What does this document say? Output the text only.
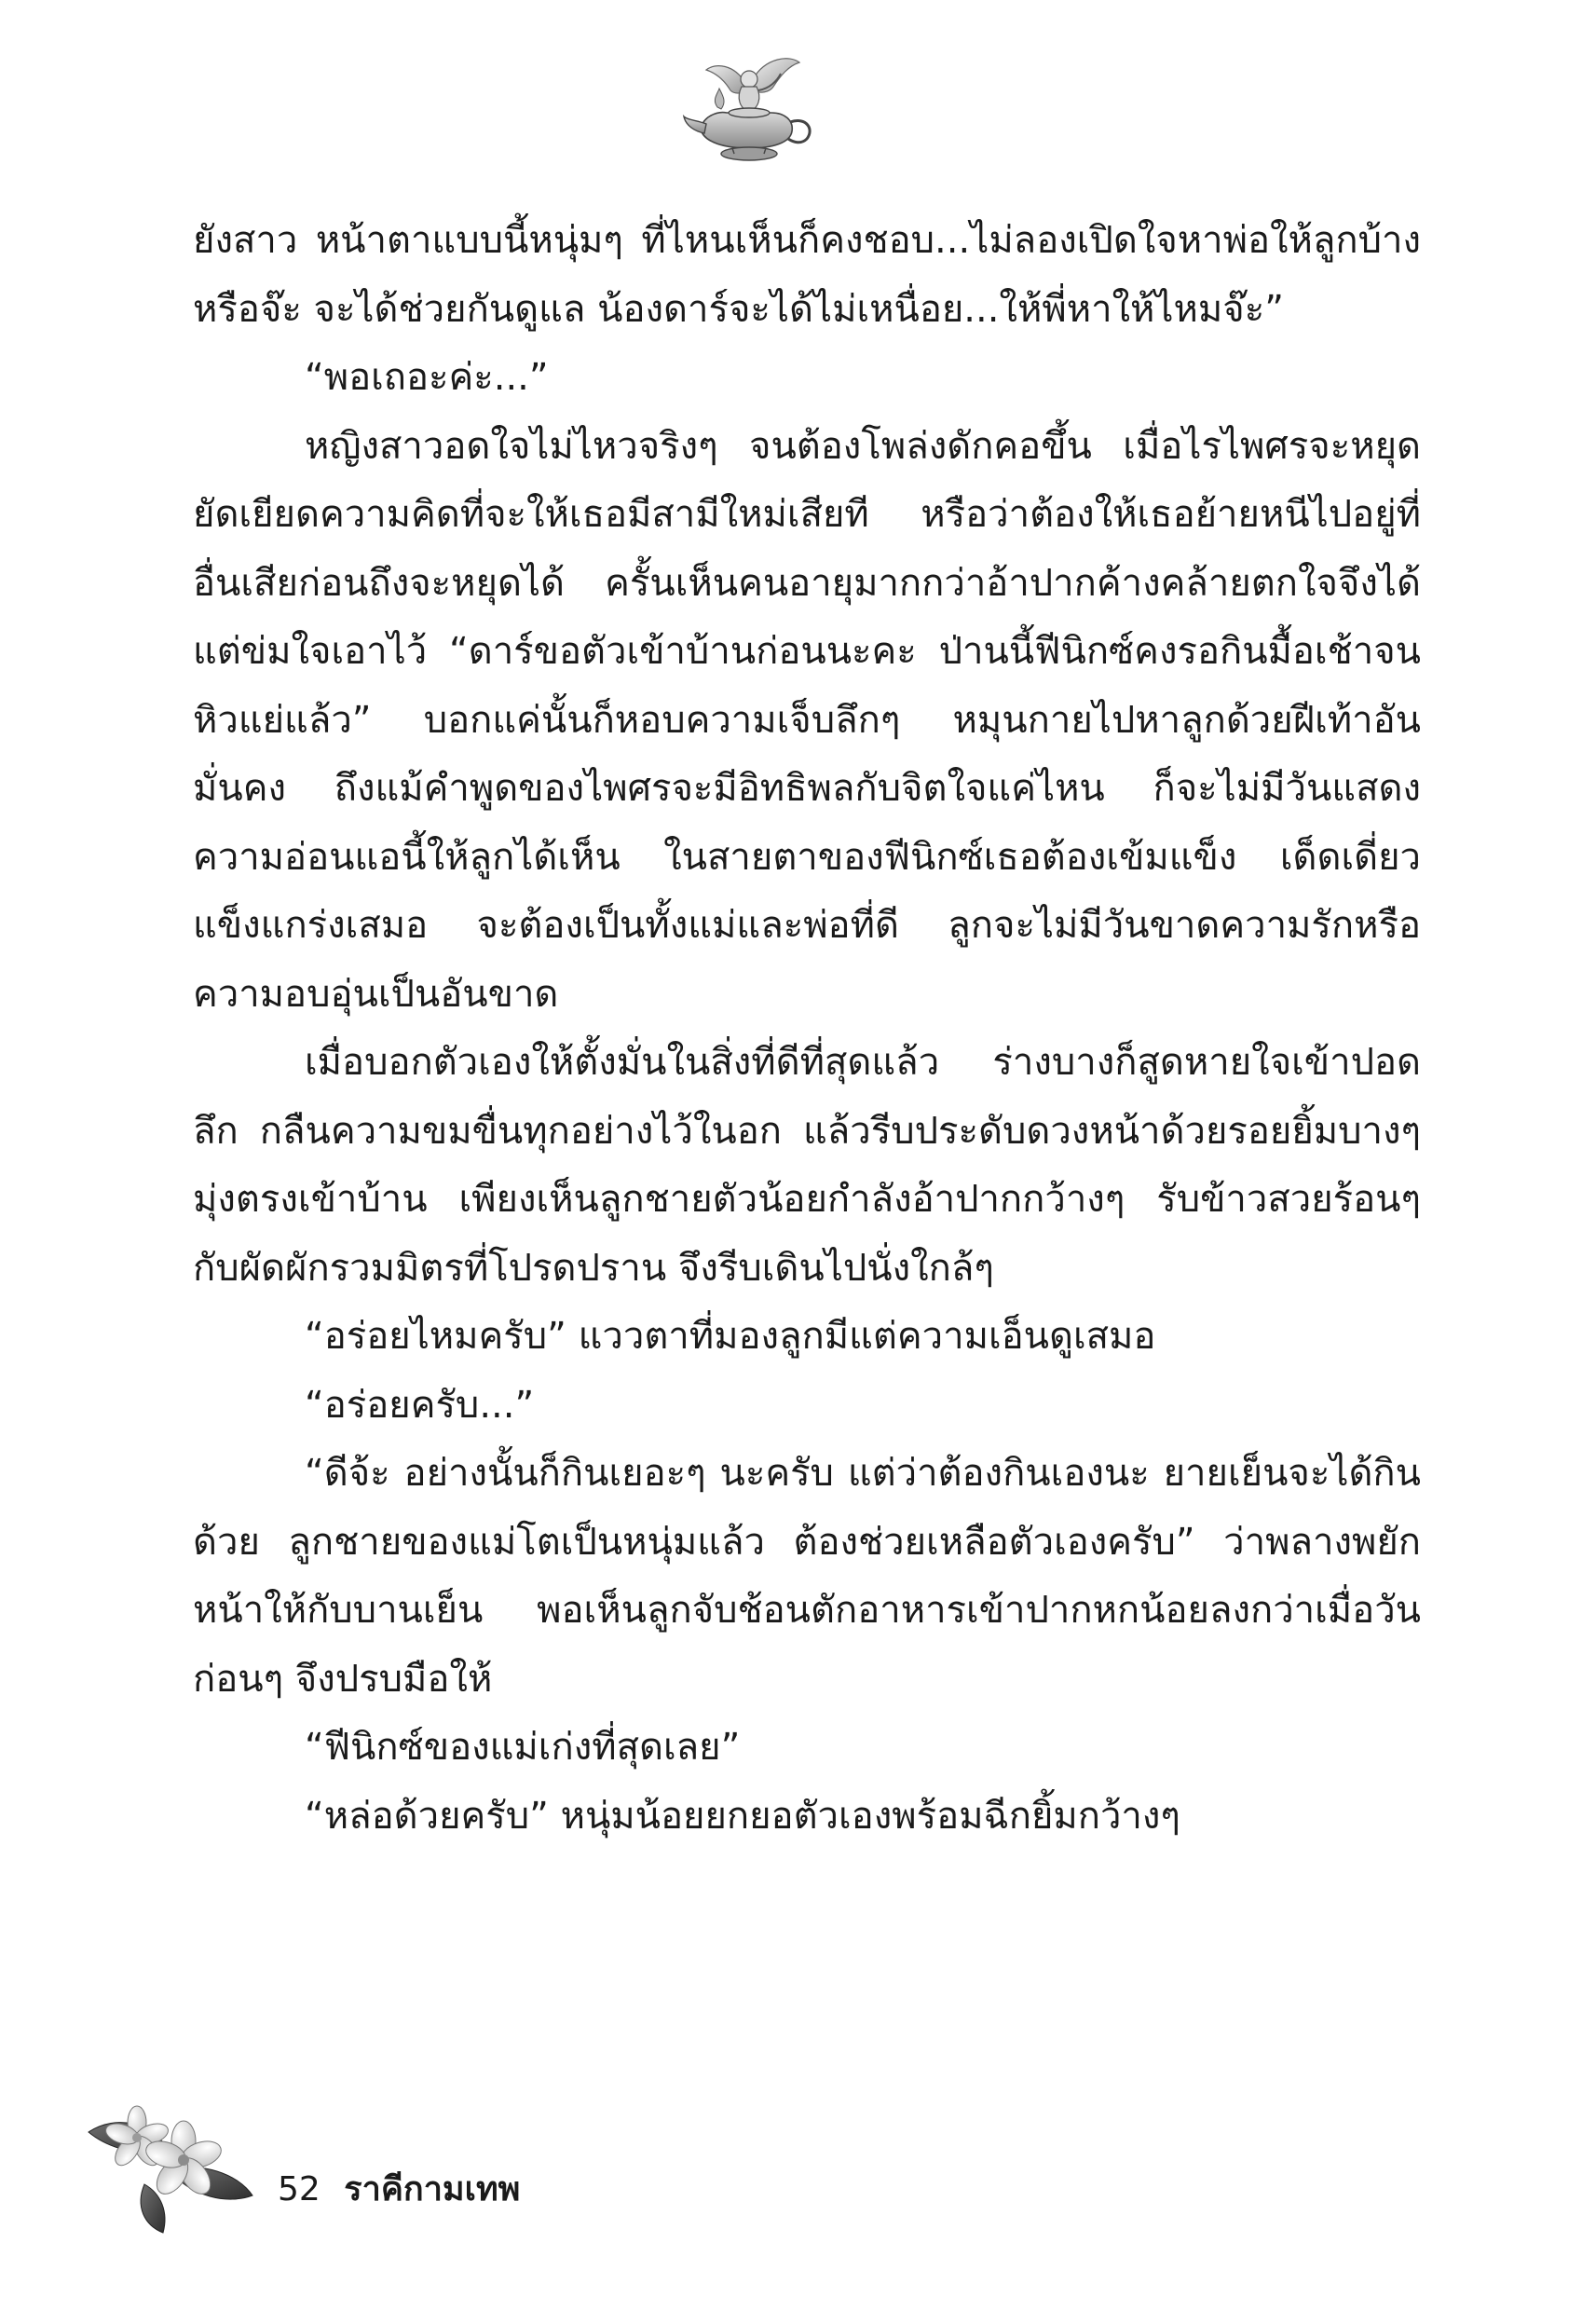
ยังสาว หน้าตาแบบนี้หนุ่มๆ ที่ไหนเห็นก็คงชอบ...ไม่ลองเปิดใจหาพ่อให้ลูกบ้างหรือจ๊ะ จะได้ช่วยกันดูแล น้องดาร์จะได้ไม่เหนื่อย...ให้พี่หาให้ไหมจ๊ะ”

“พอเถอะค่ะ...”

หญิงสาวอดใจไม่ไหวจริงๆ จนต้องโพล่งดักคอขึ้น เมื่อไรไพศรจะหยุดยัดเยียดความคิดที่จะให้เธอมีสามีใหม่เสียที หรือว่าต้องให้เธอย้ายหนีไปอยู่ที่อื่นเสียก่อนถึงจะหยุดได้ ครั้นเห็นคนอายุมากกว่าอ้าปากค้างคล้ายตกใจจึงได้แต่ข่มใจเอาไว้ “ดาร์ขอตัวเข้าบ้านก่อนนะคะ ป่านนี้ฟีนิกซ์คงรอกินมื้อเช้าจนหิวแย่แล้ว” บอกแค่นั้นก็หอบความเจ็บลึกๆ หมุนกายไปหาลูกด้วยฝีเท้าอันมั่นคง ถึงแม้คำพูดของไพศรจะมีอิทธิพลกับจิตใจแค่ไหน ก็จะไม่มีวันแสดงความอ่อนแอนี้ให้ลูกได้เห็น ในสายตาของฟีนิกซ์เธอต้องเข้มแข็ง เด็ดเดี่ยว แข็งแกร่งเสมอ จะต้องเป็นทั้งแม่และพ่อที่ดี ลูกจะไม่มีวันขาดความรักหรือความอบอุ่นเป็นอันขาด

เมื่อบอกตัวเองให้ตั้งมั่นในสิ่งที่ดีที่สุดแล้ว ร่างบางก็สูดหายใจเข้าปอดลึก กลืนความขมขื่นทุกอย่างไว้ในอก แล้วรีบประดับดวงหน้าด้วยรอยยิ้มบางๆ มุ่งตรงเข้าบ้าน เพียงเห็นลูกชายตัวน้อยกำลังอ้าปากกว้างๆ รับข้าวสวยร้อนๆ กับผัดผักรวมมิตรที่โปรดปราน จึงรีบเดินไปนั่งใกล้ๆ

“อร่อยไหมครับ” แววตาที่มองลูกมีแต่ความเอ็นดูเสมอ

“อร่อยครับ...”

“ดีจ้ะ อย่างนั้นก็กินเยอะๆ นะครับ แต่ว่าต้องกินเองนะ ยายเย็นจะได้กินด้วย ลูกชายของแม่โตเป็นหนุ่มแล้ว ต้องช่วยเหลือตัวเองครับ” ว่าพลางพยักหน้าให้กับบานเย็น พอเห็นลูกจับช้อนตักอาหารเข้าปากหกน้อยลงกว่าเมื่อวันก่อนๆ จึงปรบมือให้

“ฟีนิกซ์ของแม่เก่งที่สุดเลย”

“หล่อด้วยครับ” หนุ่มน้อยยกยอตัวเองพร้อมฉีกยิ้มกว้างๆ

52 ราคีกามเทพ
